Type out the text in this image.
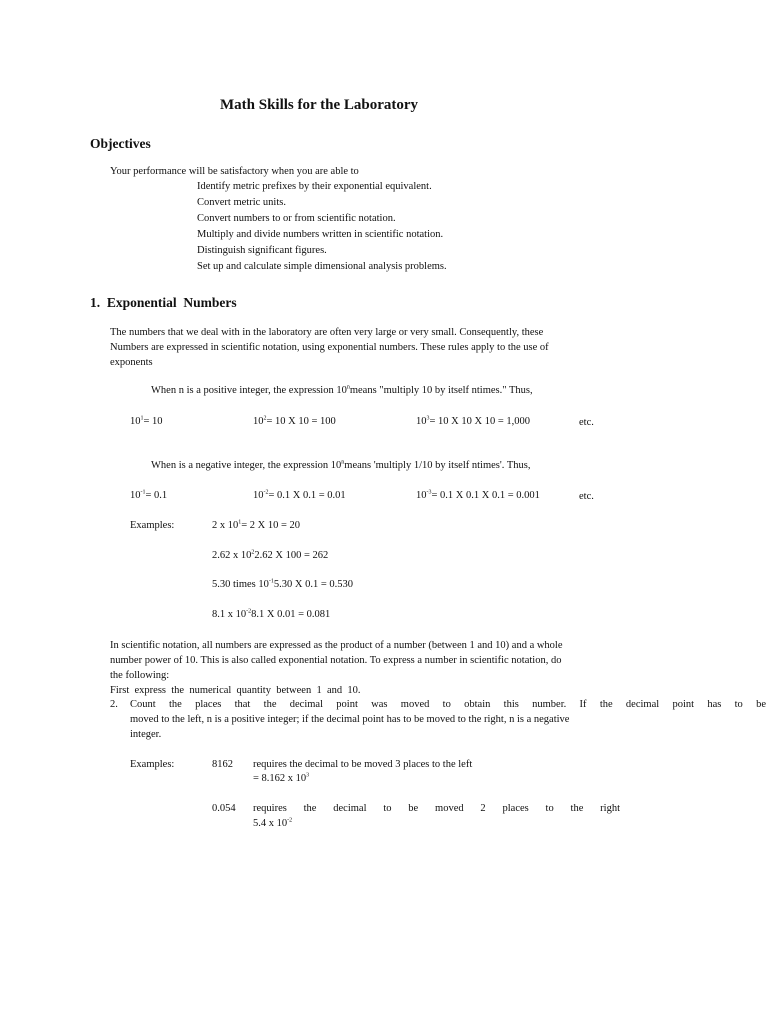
Math Skills for the Laboratory
Objectives
Your performance will be satisfactory when you are able to
Identify metric prefixes by their exponential equivalent.
Convert metric units.
Convert numbers to or from scientific notation.
Multiply and divide numbers written in scientific notation.
Distinguish significant figures.
Set up and calculate simple dimensional analysis problems.
1.  Exponential  Numbers
The numbers that we deal with in the laboratory are often very large or very small. Consequently, these
Numbers are expressed in scientific notation, using exponential numbers. These rules apply to the use of
exponents
When n is a positive integer, the expression 10$^n$means "multiply 10 by itself ntimes." Thus,
$10^1= 10$	$10^2= 10$ X 10 = 100	$10^3= 10$ X 10 X 10 = 1,000	etc.
When is a negative integer, the expression 10$^n$means 'multiply 1/10 by itself ntimes'. Thus,
$10^{-1}= 0.1$	$10^{-2}= 0.1$ X 0.1 = 0.01	$10^{-3}= 0.1$ X 0.1 X 0.1 = 0.001	etc.
Examples:	2 x $10^1= 2$ X 10 = 20
2.62 x $10^22.62$ X 100 = 262
5.30 times $10^{-1}5.30$ X 0.1 = 0.530
8.1 x $10^{-2}8.1$ X 0.01 = 0.081
In scientific notation, all numbers are expressed as the product of a number (between 1 and 10) and a whole
number power of 10. This is also called exponential notation. To express a number in scientific notation, do
the following:
First  express  the  numerical  quantity  between  1  and  10.
2. Count the places that the decimal point was moved to obtain this number. If the decimal point has to be
moved to the left, n is a positive integer; if the decimal point has to be moved to the right, n is a negative
integer.
Examples:	8162 requires the decimal to be moved 3 places to the left
= 8.162 x $10^3$
0.054 requires the decimal to be moved 2 places to the right
5.4 x $10^{-2}$
